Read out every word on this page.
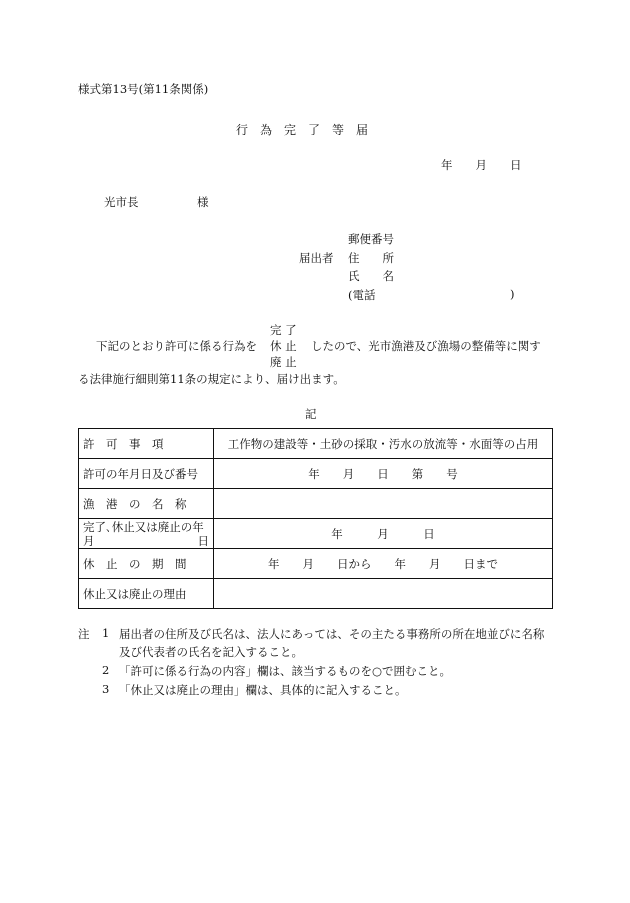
様式第13号(第11条関係)
行　為　完　了　等　届
年　　月　　日
光市長	様
郵便番号
届出者 住　　所
氏　　名
(電話	)
完 了
下記のとおり許可に係る行為を 休 止 したので、光市漁港及び漁場の整備等に関す
廃 止
る法律施行細則第11条の規定により、届け出ます。
記
許　可　事　項	工作物の建設等・土砂の採取・汚水の放流等・水面等の占用
許可の年月日及び番号	年　　月　　日　　第　　号
漁　港　の　名　称	

完了､休止又は廃止の年
月 日	年　　　月　　　日
休　止　の　期　間	年　　月　　日から　　年　　月　　日まで
休止又は廃止の理由	
注 1 届出者の住所及び氏名は、法人にあっては、その主たる事務所の所在地並びに名称
及び代表者の氏名を記入すること。
2 「許可に係る行為の内容」欄は、該当するものを○で囲むこと。
3 「休止又は廃止の理由」欄は、具体的に記入すること。
